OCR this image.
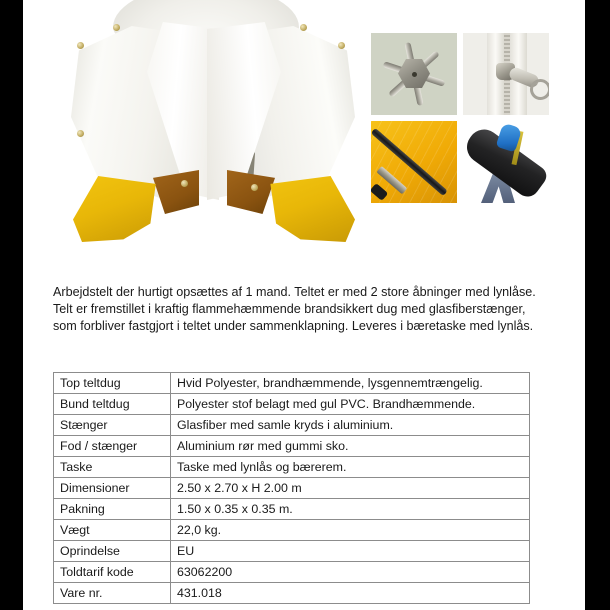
Arbejdstelt der hurtigt opsættes af 1 mand. Teltet er med 2 store åbninger med lynlåse. Telt er fremstillet i kraftig flammehæmmende brandsikkert dug med glasfiberstænger, som forbliver fastgjort i teltet under sammenklapning. Leveres i bæretaske med lynlås.

Top teltdug	Hvid Polyester, brandhæmmende, lysgennemtrængelig.
Bund teltdug	Polyester stof belagt med gul PVC. Brandhæmmende.
Stænger	Glasfiber med samle kryds i aluminium.
Fod / stænger	Aluminium rør med gummi sko.
Taske	Taske med lynlås og bærerem.
Dimensioner	2.50 x 2.70 x H 2.00 m
Pakning	1.50 x 0.35 x 0.35 m.
Vægt	22,0 kg.
Oprindelse	EU
Toldtarif kode	63062200
Vare nr.	431.018
